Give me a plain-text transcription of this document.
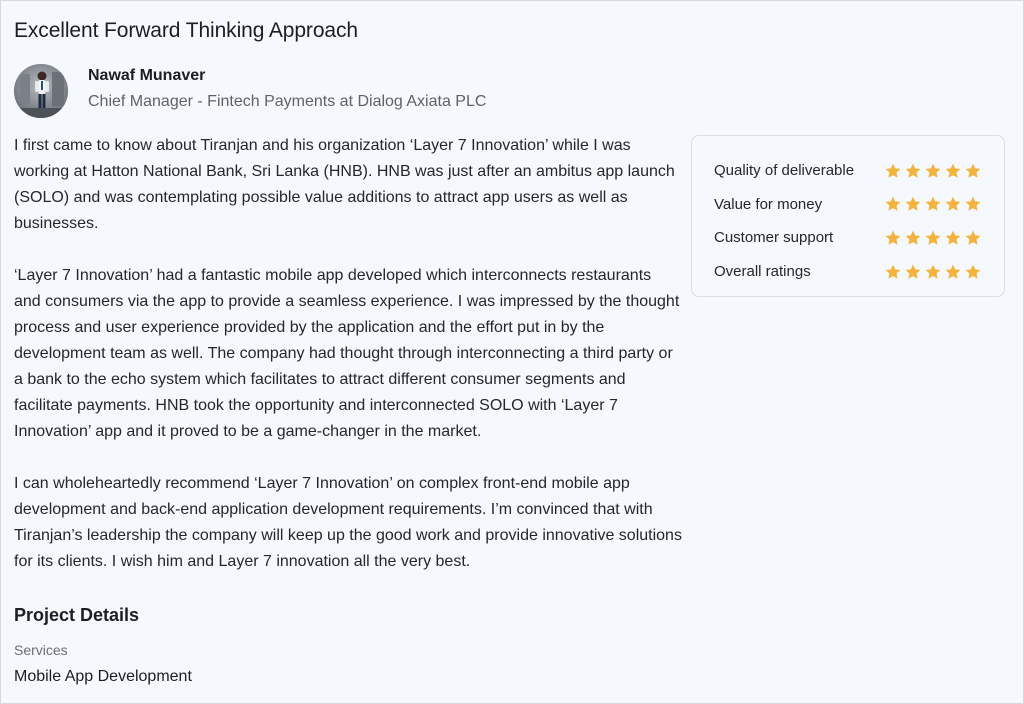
Excellent Forward Thinking Approach
Nawaf Munaver
Chief Manager - Fintech Payments at Dialog Axiata PLC

I first came to know about Tiranjan and his organization ‘Layer 7 Innovation’ while I was working at Hatton National Bank, Sri Lanka (HNB). HNB was just after an ambitus app launch (SOLO) and was contemplating possible value additions to attract app users as well as businesses.

‘Layer 7 Innovation’ had a fantastic mobile app developed which interconnects restaurants and consumers via the app to provide a seamless experience. I was impressed by the thought process and user experience provided by the application and the effort put in by the development team as well. The company had thought through interconnecting a third party or a bank to the echo system which facilitates to attract different consumer segments and facilitate payments. HNB took the opportunity and interconnected SOLO with ‘Layer 7 Innovation’ app and it proved to be a game-changer in the market.

I can wholeheartedly recommend ‘Layer 7 Innovation’ on complex front-end mobile app development and back-end application development requirements. I’m convinced that with Tiranjan’s leadership the company will keep up the good work and provide innovative solutions for its clients. I wish him and Layer 7 innovation all the very best.

Quality of deliverable
Value for money
Customer support
Overall ratings
Project Details
Services
Mobile App Development
